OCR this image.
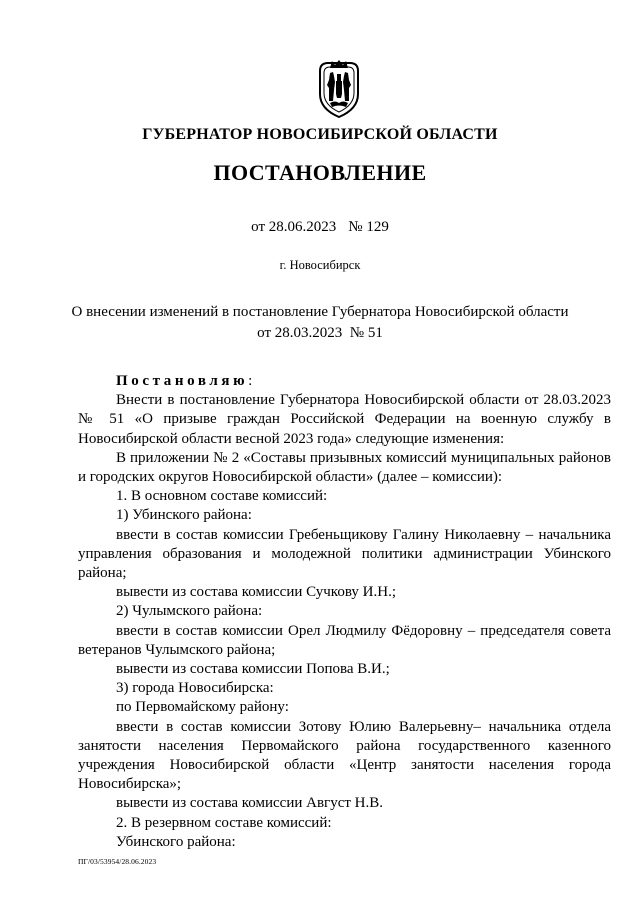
ГУБЕРНАТОР НОВОСИБИРСКОЙ ОБЛАСТИ
ПОСТАНОВЛЕНИЕ
от 28.06.2023 № 129
г. Новосибирск
О внесении изменений в постановление Губернатора Новосибирской области
от 28.03.2023  № 51

Постановляю:

Внести в постановление Губернатора Новосибирской области от 28.03.2023 № 51 «О призыве граждан Российской Федерации на военную службу в Новосибирской области весной 2023 года» следующие изменения:

В приложении № 2 «Составы призывных комиссий муниципальных районов и городских округов Новосибирской области» (далее – комиссии):

1. В основном составе комиссий:

1) Убинского района:

ввести в состав комиссии Гребеньщикову Галину Николаевну – начальника управления образования и молодежной политики администрации Убинского района;

вывести из состава комиссии Сучкову И.Н.;

2) Чулымского района:

ввести в состав комиссии Орел Людмилу Фёдоровну – председателя совета ветеранов Чулымского района;

вывести из состава комиссии Попова В.И.;

3) города Новосибирска:

по Первомайскому району:

ввести в состав комиссии Зотову Юлию Валерьевну– начальника отдела занятости населения Первомайского района государственного казенного учреждения Новосибирской области «Центр занятости населения города Новосибирска»;

вывести из состава комиссии Август Н.В.

2. В резервном составе комиссий:

Убинского района:

ПГ/03/53954/28.06.2023
